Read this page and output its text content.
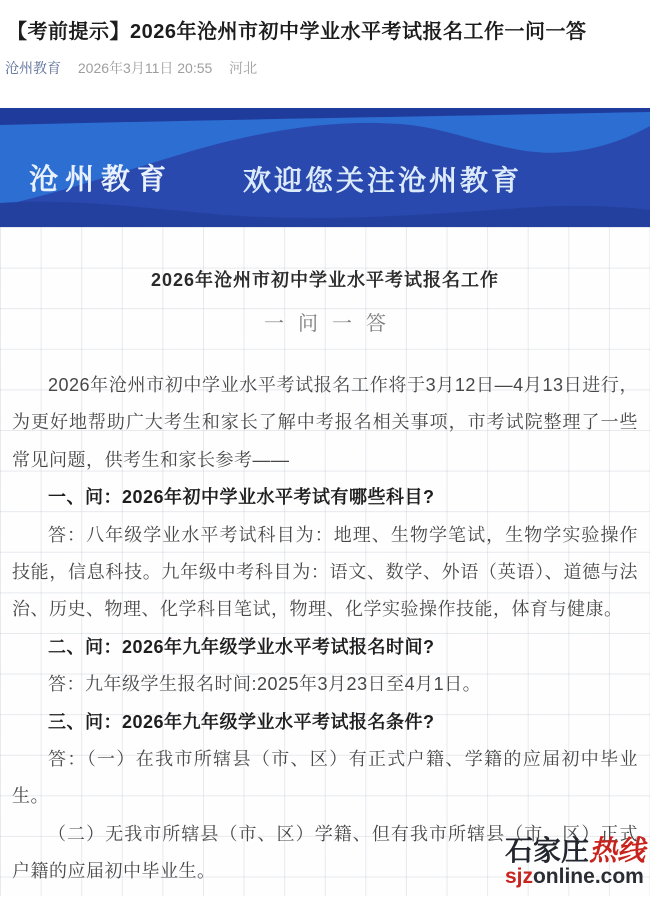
【考前提示】2026年沧州市初中学业水平考试报名工作一问一答
沧州教育 2026年3月11日 20:55 河北
沧州教育 欢迎您关注沧州教育
2026年沧州市初中学业水平考试报名工作
一问一答

2026年沧州市初中学业水平考试报名工作将于3月12日—4月13日进行，为更好地帮助广大考生和家长了解中考报名相关事项，市考试院整理了一些常见问题，供考生和家长参考——

一、问：2026年初中学业水平考试有哪些科目?

答：八年级学业水平考试科目为：地理、生物学笔试，生物学实验操作技能，信息科技。九年级中考科目为：语文、数学、外语（英语）、道德与法治、历史、物理、化学科目笔试，物理、化学实验操作技能，体育与健康。

二、问：2026年九年级学业水平考试报名时间?

答：九年级学生报名时间:2025年3月23日至4月1日。

三、问：2026年九年级学业水平考试报名条件?

答：（一）在我市所辖县（市、区）有正式户籍、学籍的应届初中毕业生。

（二）无我市所辖县（市、区）学籍、但有我市所辖县（市、区）正式户籍的应届初中毕业生。

石家庄热线
sjzonline.com
